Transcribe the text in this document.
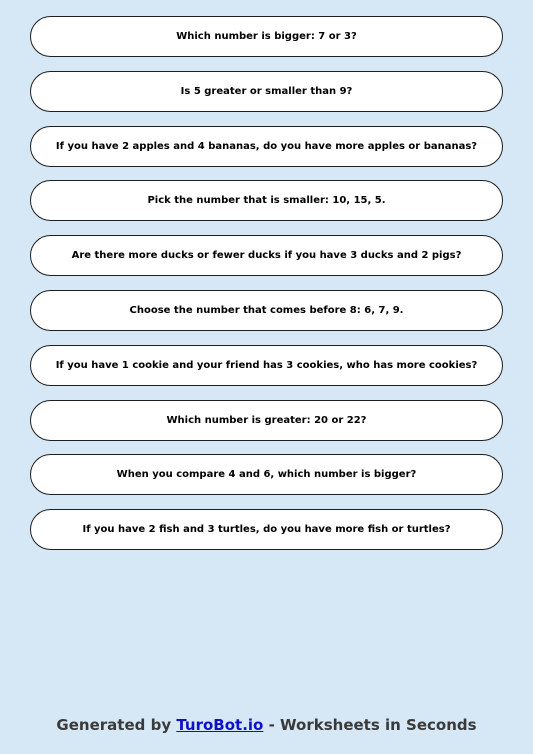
Which number is bigger: 7 or 3?
Is 5 greater or smaller than 9?
If you have 2 apples and 4 bananas, do you have more apples or bananas?
Pick the number that is smaller: 10, 15, 5.
Are there more ducks or fewer ducks if you have 3 ducks and 2 pigs?
Choose the number that comes before 8: 6, 7, 9.
If you have 1 cookie and your friend has 3 cookies, who has more cookies?
Which number is greater: 20 or 22?
When you compare 4 and 6, which number is bigger?
If you have 2 fish and 3 turtles, do you have more fish or turtles?
Generated by TuroBot.io - Worksheets in Seconds
